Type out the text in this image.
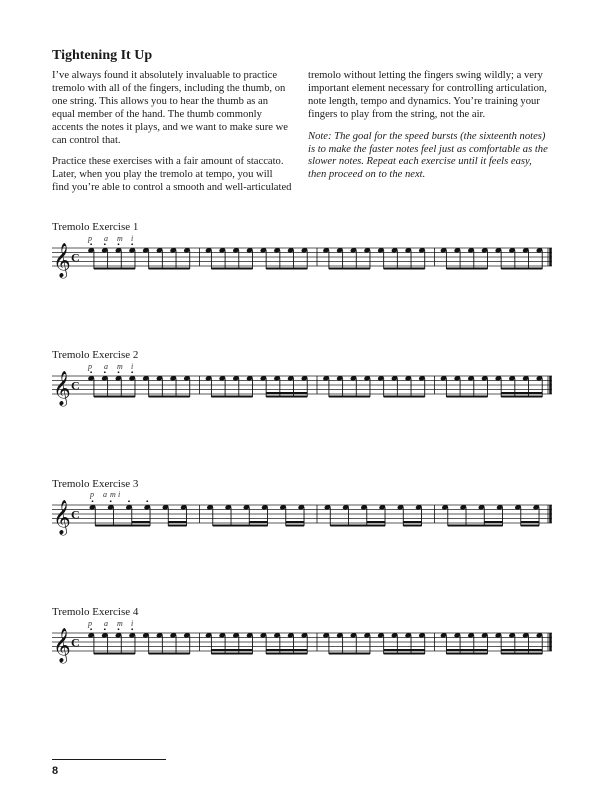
Tightening It Up

I’ve always found it absolutely invaluable to practice tremolo with all of the fingers, including the thumb, on one string. This allows you to hear the thumb as an equal member of the hand. The thumb commonly accents the notes it plays, and we want to make sure we can control that.

Practice these exercises with a fair amount of staccato. Later, when you play the tremolo at tempo, you will find you’re able to control a smooth and well-articulated

tremolo without letting the fingers swing wildly; a very important element necessary for controlling articulation, note length, tempo and dynamics. You’re training your fingers to play from the string, not the air.

Note: The goal for the speed bursts (the sixteenth notes) is to make the faster notes feel just as comfortable as the slower notes. Repeat each exercise until it feels easy, then proceed on to the next.

Tremolo Exercise 1
p a m i
𝄞 C
Tremolo Exercise 2
p a m i
𝄞 C
Tremolo Exercise 3
p a m i
𝄞 C
Tremolo Exercise 4
p a m i
𝄞 C
8
